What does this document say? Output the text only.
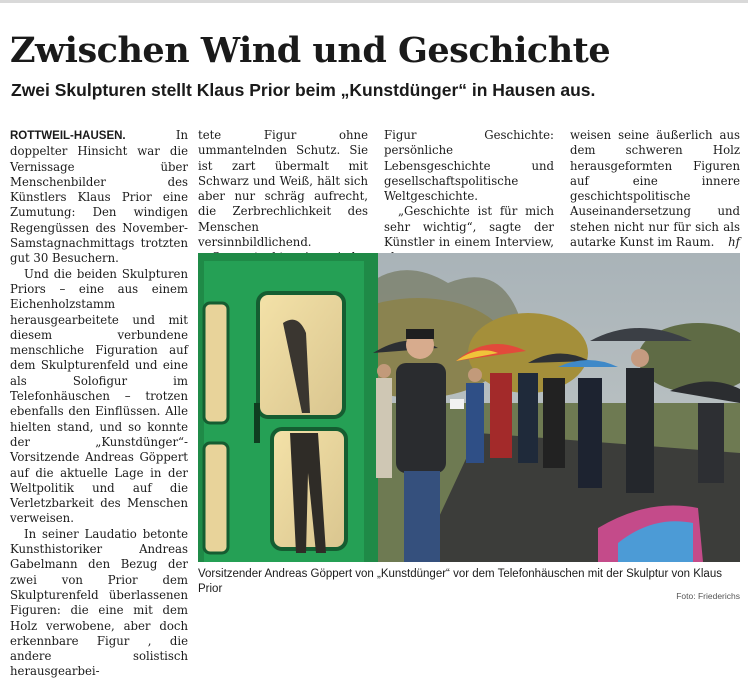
Zwischen Wind und Geschichte
Zwei Skulpturen stellt Klaus Prior beim „Kunstdünger“ in Hausen aus.

ROTTWEIL-HAUSEN.	In doppelter Hinsicht war die Vernissage über Menschenbilder des Künstlers Klaus Prior eine Zumutung: Den windigen Regengüssen des November-Samstagnachmittags trotzten gut 30 Besuchern.

Und die beiden Skulpturen Priors – eine aus einem Eichenholzstamm herausgearbeitete und mit diesem verbundene menschliche Figuration auf dem Skulpturenfeld und eine als Solofigur im Telefonhäuschen – trotzen ebenfalls den Einflüssen. Alle hielten stand, und so konnte der „Kunstdünger“-Vorsitzende Andreas Göppert auf die aktuelle Lage in der Weltpolitik und auf die Verletzbarkeit des Menschen verweisen.

In seiner Laudatio betonte Kunsthistoriker Andreas Gabelmann den Bezug der zwei von Prior dem Skulpturenfeld überlassenen Figuren: die eine mit dem Holz verwobene, aber doch erkennbare Figur , die andere solistisch herausgearbei-

tete Figur ohne ummantelnden Schutz. Sie ist zart übermalt mit Schwarz und Weiß, hält sich aber nur schräg aufrecht, die Zerbrechlichkeit des Menschen versinnbildlichend.

Figur Geschichte: persönliche Lebensgeschichte und gesellschaftspolitische Weltgeschichte.

„Geschichte ist für mich sehr wichtig“, sagte der Künstler in einem Interview,

weisen seine äußerlich aus dem schweren Holz herausgeformten Figuren auf eine innere geschichtspolitische Auseinandersetzung und stehen nicht nur für sich als autarke Kunst im Raum. hf

Vorsitzender Andreas Göppert von „Kunstdünger“ vor dem Telefonhäuschen mit der Skulptur von Klaus Prior
Foto: Friederichs
